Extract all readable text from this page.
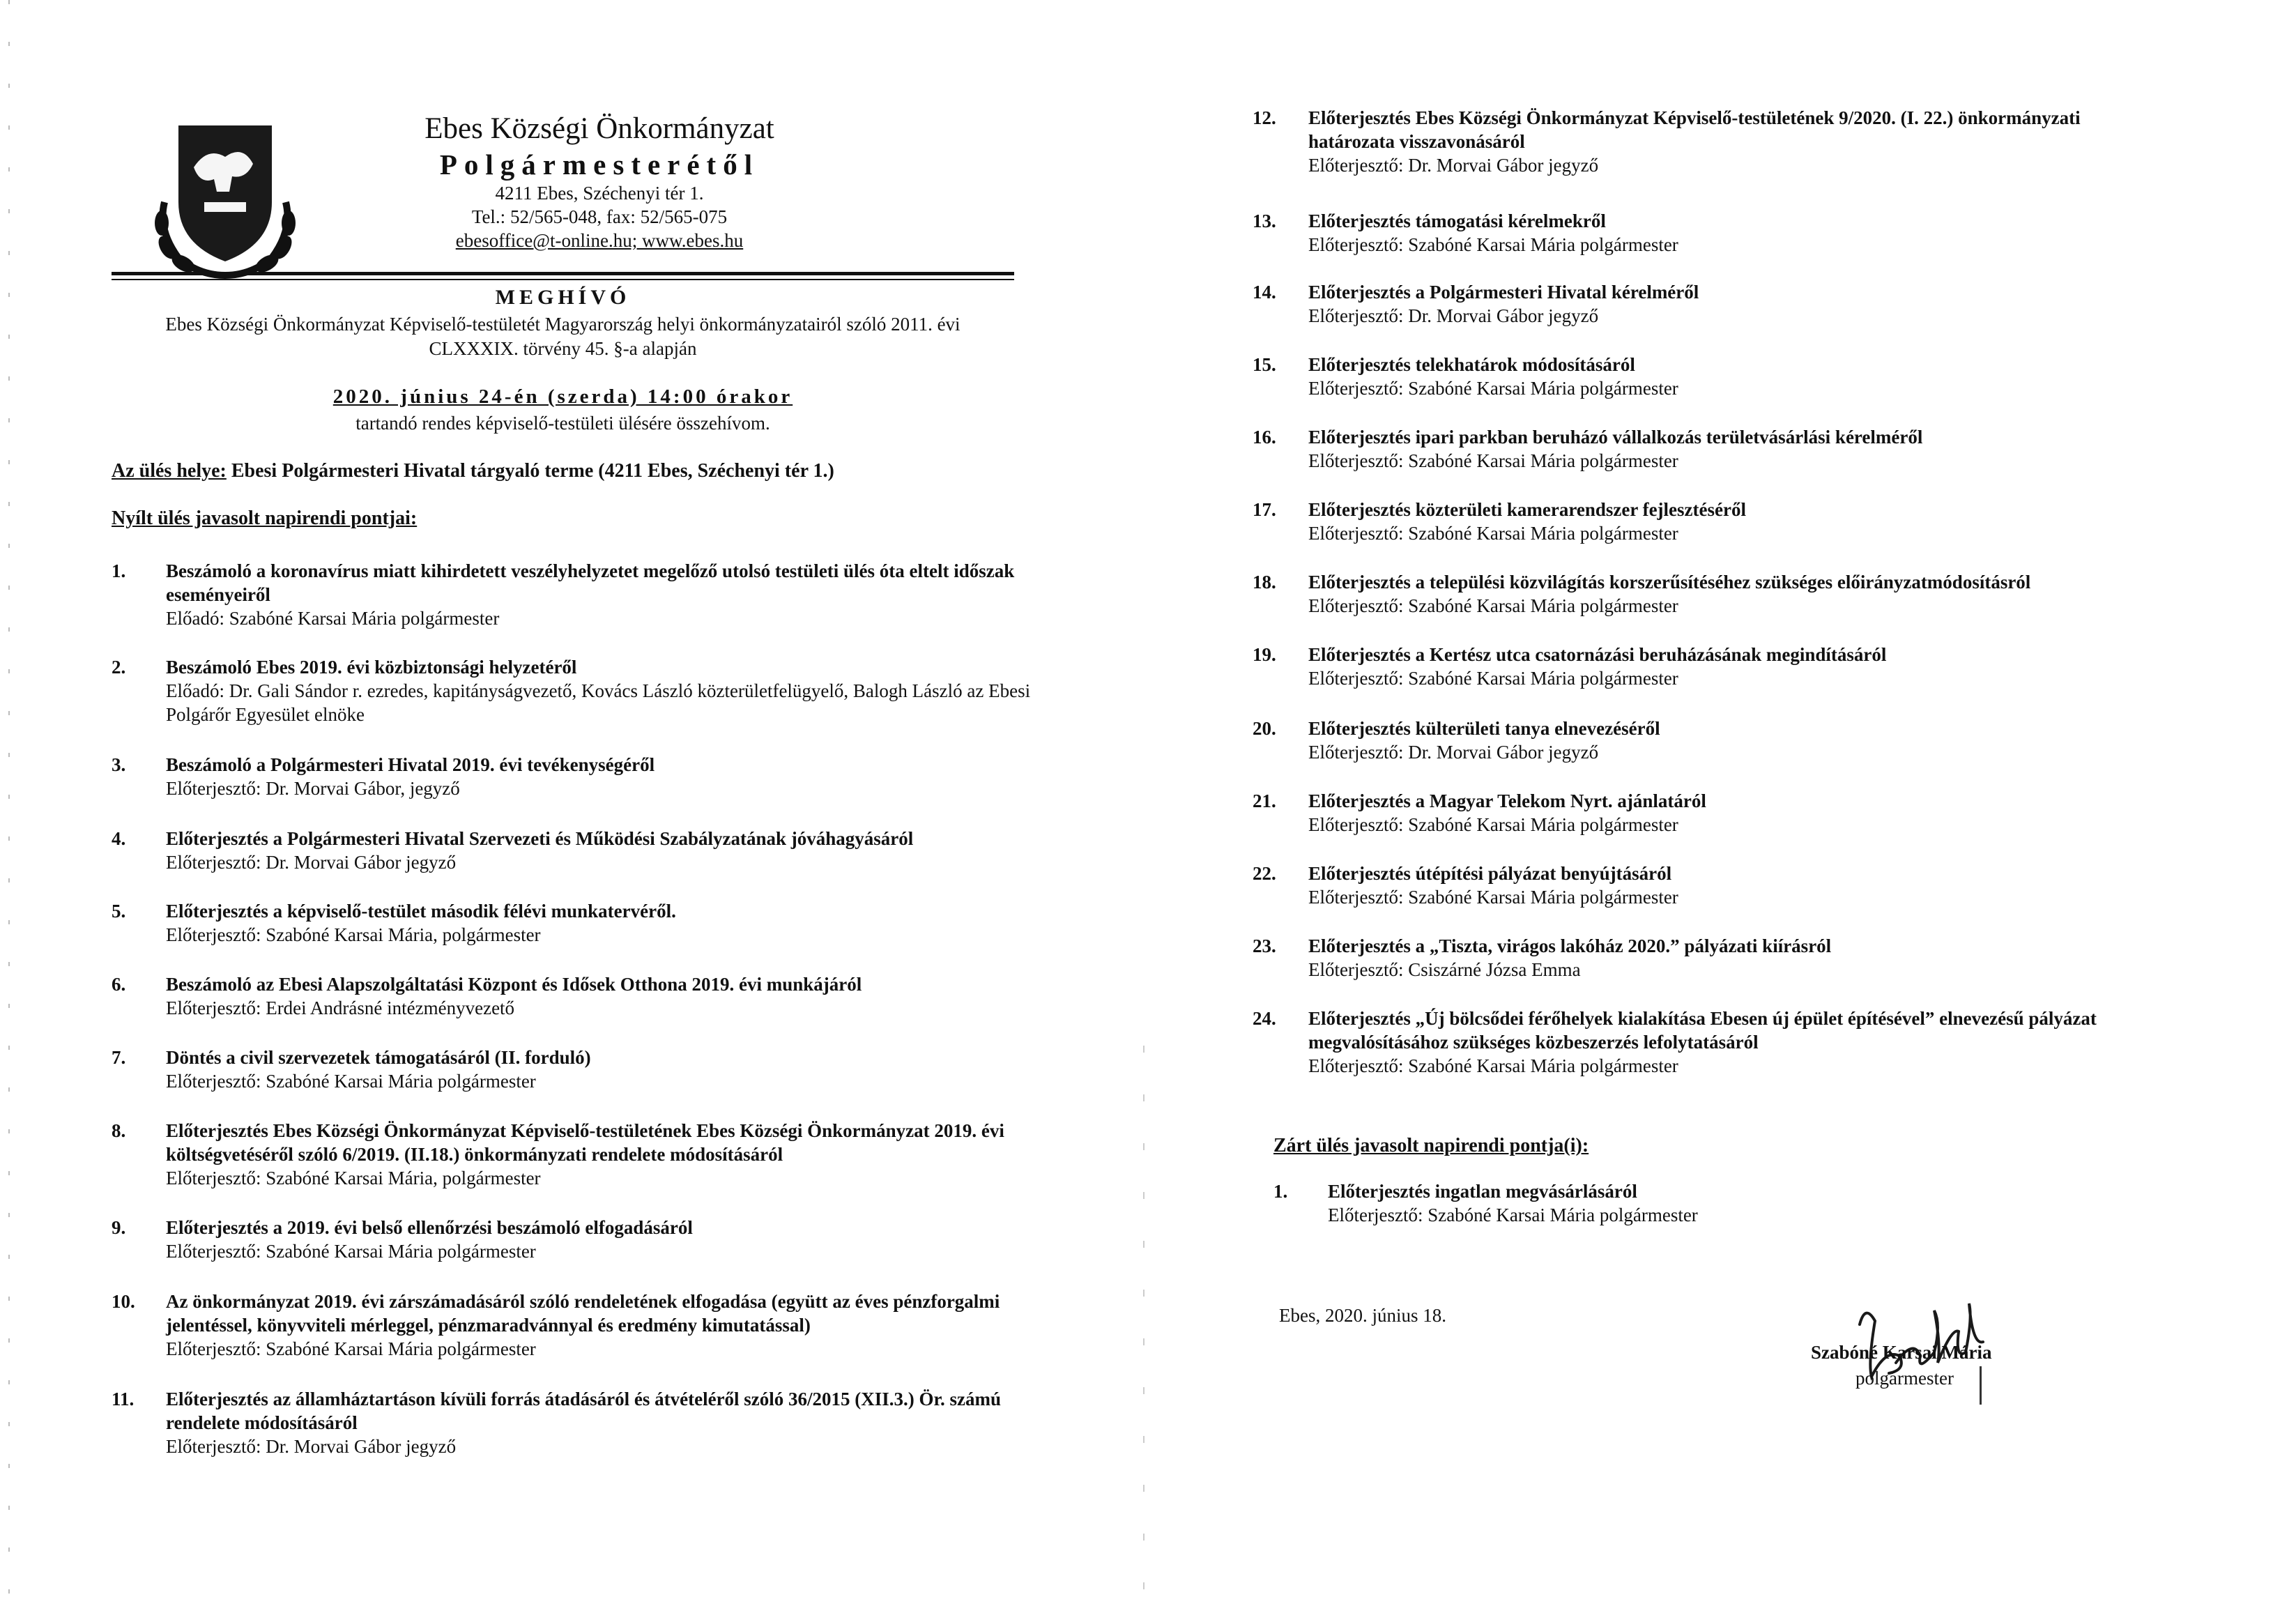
Ebes Községi Önkormányzat
Polgármesterétől
4211 Ebes, Széchenyi tér 1.
Tel.: 52/565-048, fax: 52/565-075
ebesoffice@t-online.hu; www.ebes.hu
MEGHÍVÓ
Ebes Községi Önkormányzat Képviselő-testületét Magyarország helyi önkormányzatairól szóló 2011. évi
CLXXXIX. törvény 45. §-a alapján
2020. június 24-én (szerda) 14:00 órakor
tartandó rendes képviselő-testületi ülésére összehívom.
Az ülés helye: Ebesi Polgármesteri Hivatal tárgyaló terme (4211 Ebes, Széchenyi tér 1.)
Nyílt ülés javasolt napirendi pontjai:
1. Beszámoló a koronavírus miatt kihirdetett veszélyhelyzetet megelőző utolsó testületi ülés óta eltelt időszak eseményeiről
Előadó: Szabóné Karsai Mária polgármester
2. Beszámoló Ebes 2019. évi közbiztonsági helyzetéről
Előadó: Dr. Gali Sándor r. ezredes, kapitányságvezető, Kovács László közterületfelügyelő, Balogh László az Ebesi Polgárőr Egyesület elnöke
3. Beszámoló a Polgármesteri Hivatal 2019. évi tevékenységéről
Előterjesztő: Dr. Morvai Gábor, jegyző
4. Előterjesztés a Polgármesteri Hivatal Szervezeti és Működési Szabályzatának jóváhagyásáról
Előterjesztő: Dr. Morvai Gábor jegyző
5. Előterjesztés a képviselő-testület második félévi munkatervéről.
Előterjesztő: Szabóné Karsai Mária, polgármester
6. Beszámoló az Ebesi Alapszolgáltatási Központ és Idősek Otthona 2019. évi munkájáról
Előterjesztő: Erdei Andrásné intézményvezető
7. Döntés a civil szervezetek támogatásáról (II. forduló)
Előterjesztő: Szabóné Karsai Mária polgármester
8. Előterjesztés Ebes Községi Önkormányzat Képviselő-testületének Ebes Községi Önkormányzat 2019. évi költségvetéséről szóló 6/2019. (II.18.) önkormányzati rendelete módosításáról
Előterjesztő: Szabóné Karsai Mária, polgármester
9. Előterjesztés a 2019. évi belső ellenőrzési beszámoló elfogadásáról
Előterjesztő: Szabóné Karsai Mária polgármester
10. Az önkormányzat 2019. évi zárszámadásáról szóló rendeletének elfogadása (együtt az éves pénzforgalmi jelentéssel, könyvviteli mérleggel, pénzmaradvánnyal és eredmény kimutatással)
Előterjesztő: Szabóné Karsai Mária polgármester
11. Előterjesztés az államháztartáson kívüli forrás átadásáról és átvételéről szóló 36/2015 (XII.3.) Ör. számú rendelete módosításáról
Előterjesztő: Dr. Morvai Gábor jegyző
12. Előterjesztés Ebes Községi Önkormányzat Képviselő-testületének 9/2020. (I. 22.) önkormányzati határozata visszavonásáról
Előterjesztő: Dr. Morvai Gábor jegyző
13. Előterjesztés támogatási kérelmekről
Előterjesztő: Szabóné Karsai Mária polgármester
14. Előterjesztés a Polgármesteri Hivatal kérelméről
Előterjesztő: Dr. Morvai Gábor jegyző
15. Előterjesztés telekhatárok módosításáról
Előterjesztő: Szabóné Karsai Mária polgármester
16. Előterjesztés ipari parkban beruházó vállalkozás területvásárlási kérelméről
Előterjesztő: Szabóné Karsai Mária polgármester
17. Előterjesztés közterületi kamerarendszer fejlesztéséről
Előterjesztő: Szabóné Karsai Mária polgármester
18. Előterjesztés a települési közvilágítás korszerűsítéséhez szükséges előirányzatmódosításról
Előterjesztő: Szabóné Karsai Mária polgármester
19. Előterjesztés a Kertész utca csatornázási beruházásának megindításáról
Előterjesztő: Szabóné Karsai Mária polgármester
20. Előterjesztés külterületi tanya elnevezéséről
Előterjesztő: Dr. Morvai Gábor jegyző
21. Előterjesztés a Magyar Telekom Nyrt. ajánlatáról
Előterjesztő: Szabóné Karsai Mária polgármester
22. Előterjesztés útépítési pályázat benyújtásáról
Előterjesztő: Szabóné Karsai Mária polgármester
23. Előterjesztés a „Tiszta, virágos lakóház 2020.” pályázati kiírásról
Előterjesztő: Csiszárné Józsa Emma
24. Előterjesztés „Új bölcsődei férőhelyek kialakítása Ebesen új épület építésével” elnevezésű pályázat megvalósításához szükséges közbeszerzés lefolytatásáról
Előterjesztő: Szabóné Karsai Mária polgármester
Zárt ülés javasolt napirendi pontja(i):
1. Előterjesztés ingatlan megvásárlásáról
Előterjesztő: Szabóné Karsai Mária polgármester
Ebes, 2020. június 18.
Szabóné Karsai Mária
polgármester
